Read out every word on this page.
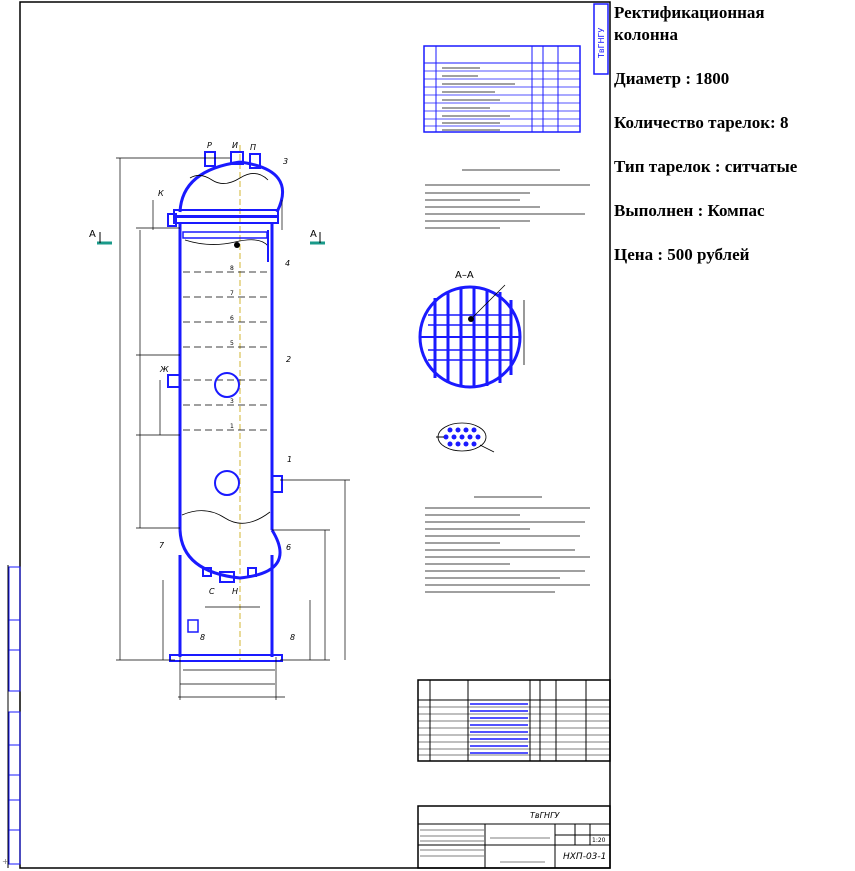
ТвГНГУ
А–А
ТвГНГУ
1:20
НХП-03-1
А	А
Р	И П
3
К
Ж
1
С Н
2
4
7	6
8	8
8
7
6
5
3
1
+

Ректификационная

колонна

Диаметр : 1800

Количество тарелок: 8

Тип тарелок : ситчатые

Выполнен : Компас

Цена : 500 рублей
